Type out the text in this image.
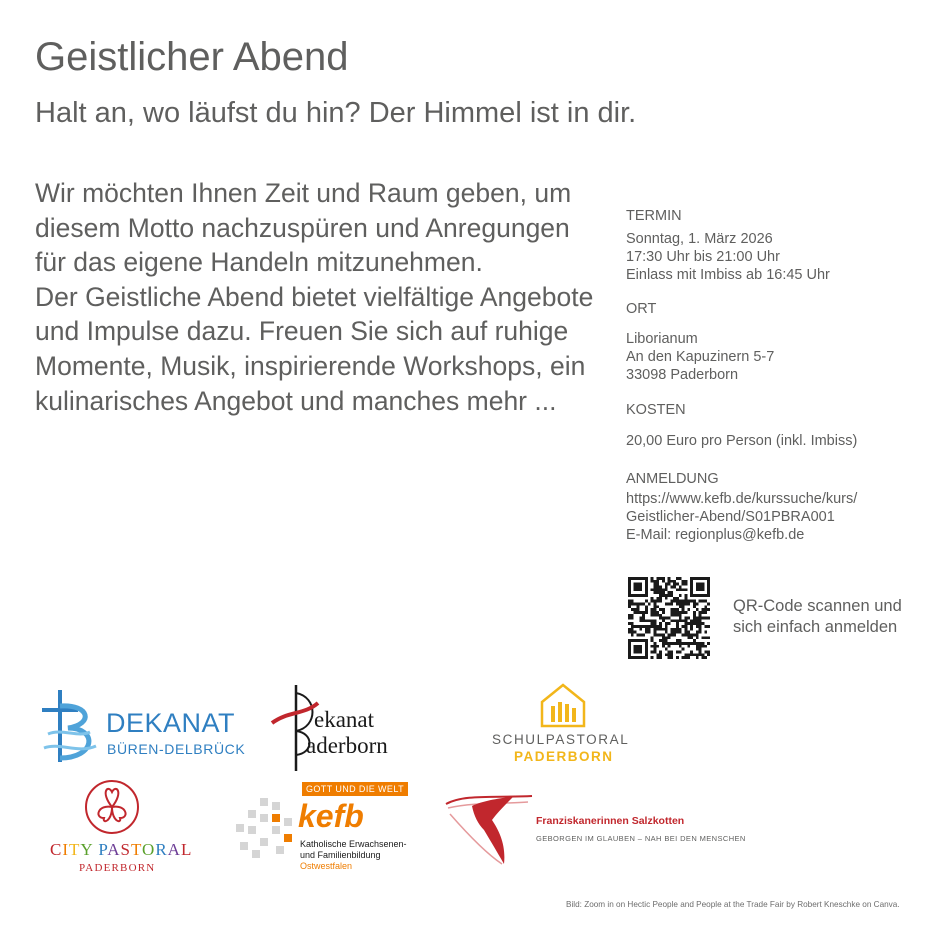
Geistlicher Abend
Halt an, wo läufst du hin? Der Himmel ist in dir.

Wir möchten Ihnen Zeit und Raum geben, um diesem Motto nachzuspüren und Anregungen für das eigene Handeln mitzunehmen.

Der Geistliche Abend bietet vielfältige Angebote und Impulse dazu. Freuen Sie sich auf ruhige Momente, Musik, inspirierende Workshops, ein kulinarisches Angebot und manches mehr ...

TERMIN
Sonntag, 1. März 2026
17:30 Uhr bis 21:00 Uhr
Einlass mit Imbiss ab 16:45 Uhr
ORT
Liborianum
An den Kapuzinern 5-7
33098 Paderborn
KOSTEN
20,00 Euro pro Person (inkl. Imbiss)
ANMELDUNG
https://www.kefb.de/kurssuche/kurs/
Geistlicher-Abend/S01PBRA001
E-Mail: regionplus@kefb.de
QR-Code scannen und
sich einfach anmelden
DEKANAT
BÜREN-DELBRÜCK
ekanat
aderborn	SCHULPASTORAL
PADERBORN
CITY PASTORAL
PADERBORN
GOTT UND DIE WELT
kefb
Katholische Erwachsenen-
und Familienbildung
Ostwestfalen
Franziskanerinnen Salzkotten
GEBORGEN IM GLAUBEN – NAH BEI DEN MENSCHEN
Bild: Zoom in on Hectic People and People at the Trade Fair by Robert Kneschke on Canva.
